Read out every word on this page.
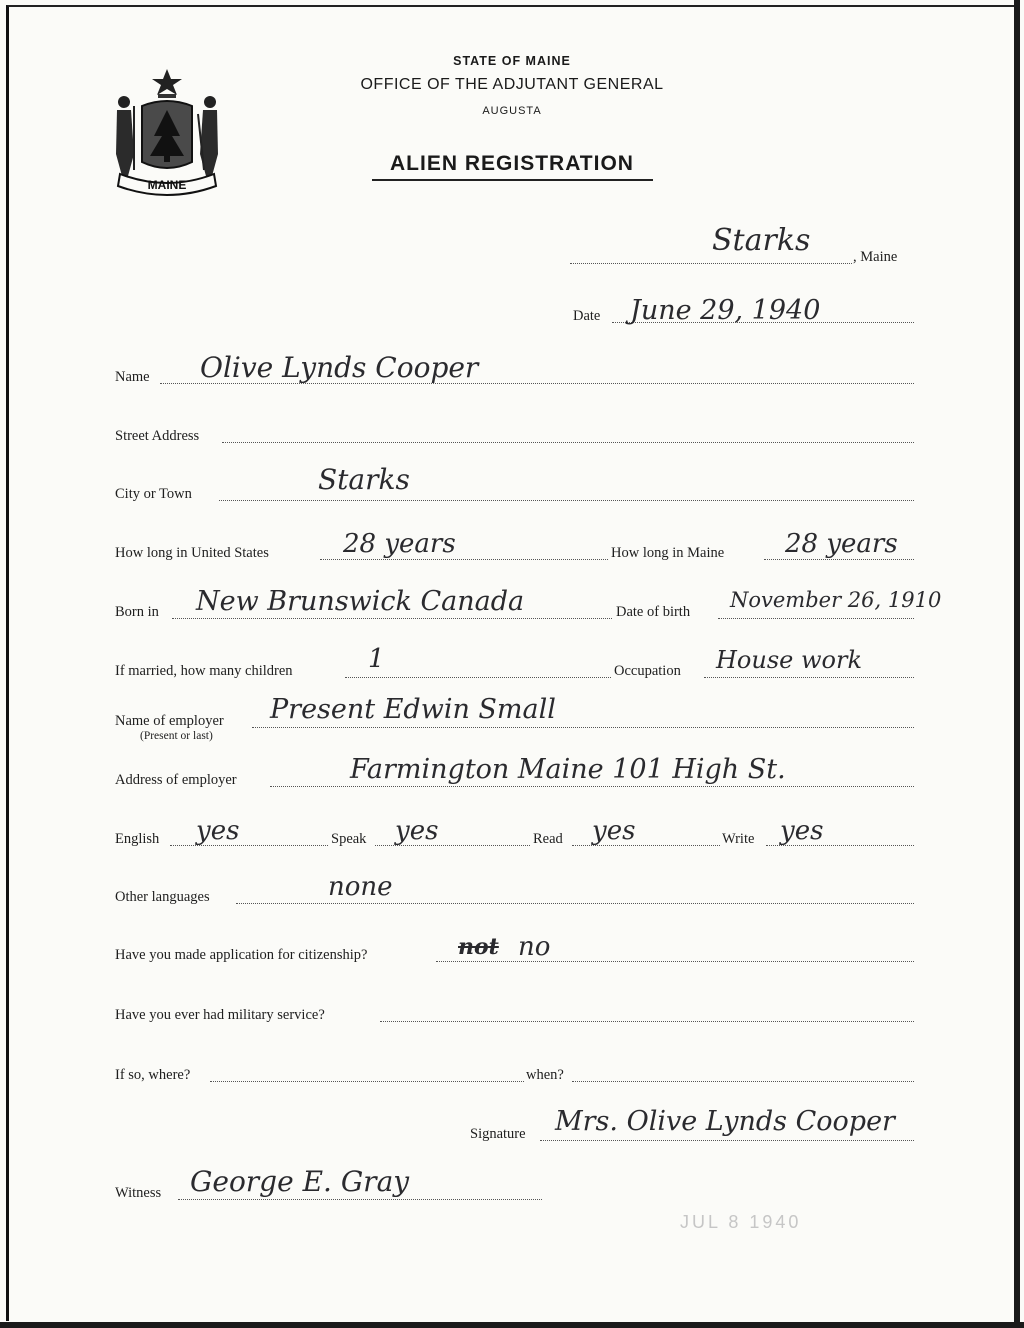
MAINE
STATE OF MAINE
OFFICE OF THE ADJUTANT GENERAL
AUGUSTA
ALIEN REGISTRATION
Starks	, Maine
Date June 29, 1940
Name Olive Lynds Cooper
Street Address
City or Town	Starks
How long in United States	28 years	How long in Maine 28 years
Born in New Brunswick Canada	Date of birth November 26, 1910
If married, how many children	1	Occupation House work
Name of employer
(Present or last)
Present Edwin Small
Address of employer	Farmington Maine 101 High St.
English yes	Speak yes	Read yes	Write yes
Other languages	none
Have you made application for citizenship?	not no
Have you ever had military service?
If so, where?	when?
Signature Mrs. Olive Lynds Cooper
Witness George E. Gray
JUL 8 1940
